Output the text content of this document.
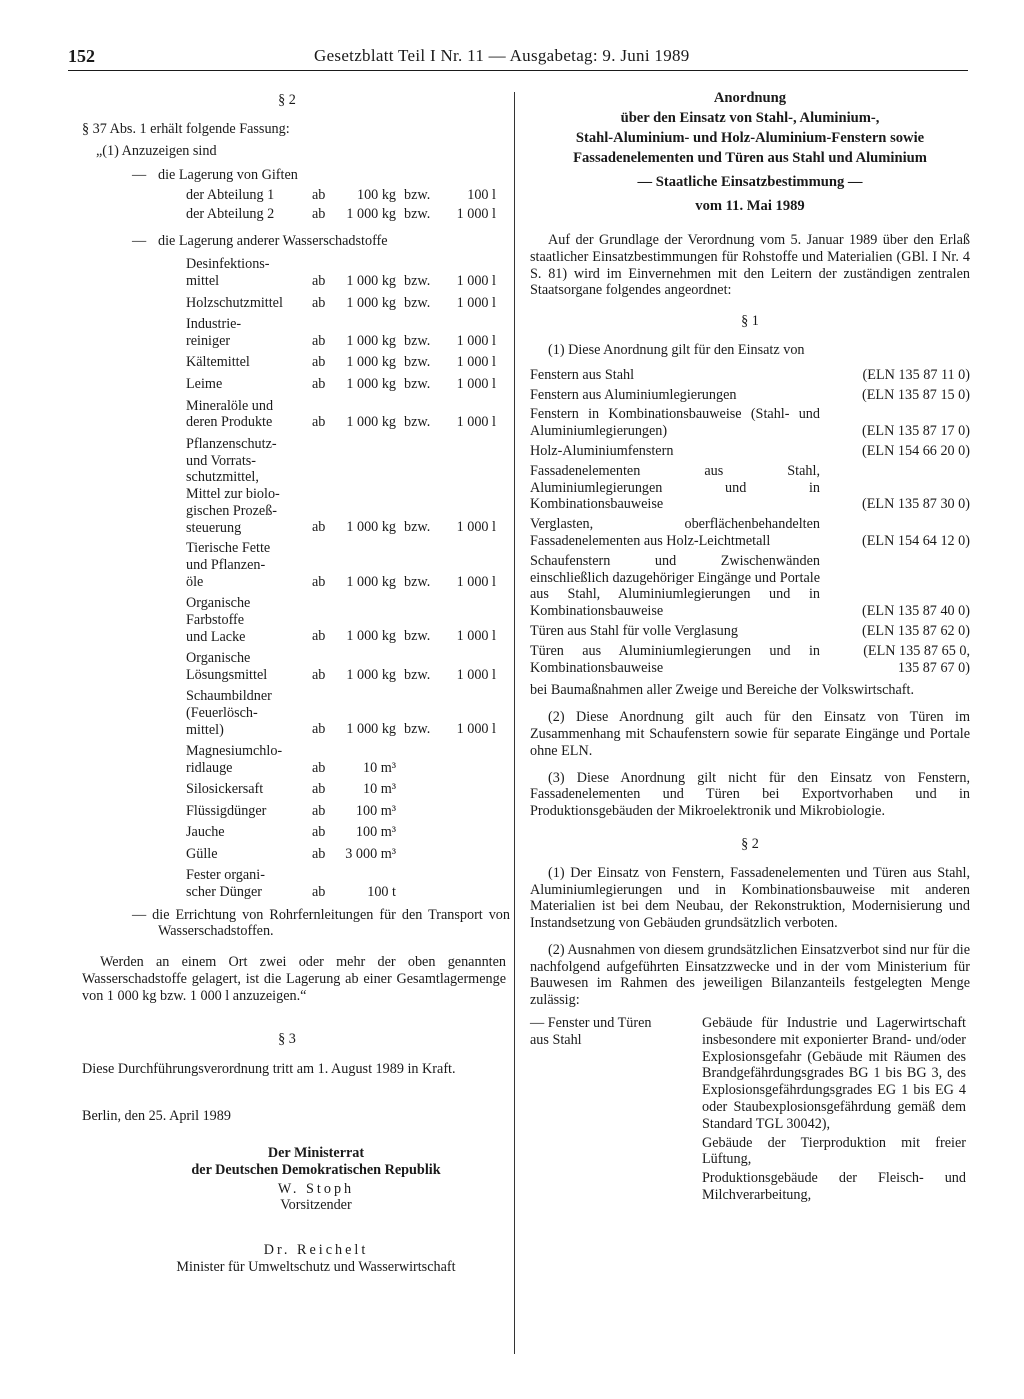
152	Gesetzblatt Teil I Nr. 11 — Ausgabetag: 9. Juni 1989
§ 2
§ 37 Abs. 1 erhält folgende Fassung:
„(1) Anzuzeigen sind
— die Lagerung von Giften
der Abteilung 1	ab	100 kg bzw.	100 l
der Abteilung 2	ab	1 000 kg bzw.	1 000 l
— die Lagerung anderer Wasserschadstoffe
Desinfektions-
mittel	ab	1 000 kg bzw.	1 000 l
Holzschutzmittel	ab	1 000 kg bzw.	1 000 l
Industrie-
reiniger	ab	1 000 kg bzw.	1 000 l
Kältemittel	ab	1 000 kg bzw.	1 000 l
Leime	ab	1 000 kg bzw.	1 000 l
Mineralöle und
deren Produkte	ab	1 000 kg bzw.	1 000 l
Pflanzenschutz-
und Vorrats-
schutzmittel,
Mittel zur biolo-
gischen Prozeß-
steuerung	ab	1 000 kg bzw.	1 000 l
Tierische Fette
und Pflanzen-
öle	ab	1 000 kg bzw.	1 000 l
Organische
Farbstoffe
und Lacke	ab	1 000 kg bzw.	1 000 l
Organische
Lösungsmittel	ab	1 000 kg bzw.	1 000 l
Schaumbildner
(Feuerlösch-
mittel)	ab	1 000 kg bzw.	1 000 l
Magnesiumchlo-
ridlauge	ab	10 m³
Silosickersaft	ab	10 m³
Flüssigdünger	ab	100 m³
Jauche	ab	100 m³
Gülle	ab	3 000 m³
Fester organi-
scher Dünger	ab	100 t
— die Errichtung von Rohrfernleitungen für den Transport von Wasserschadstoffen.
Werden an einem Ort zwei oder mehr der oben genannten Wasserschadstoffe gelagert, ist die Lagerung ab einer Gesamtlagermenge von 1 000 kg bzw. 1 000 l anzuzeigen.“
§ 3
Diese Durchführungsverordnung tritt am 1. August 1989 in Kraft.
Berlin, den 25. April 1989
Der Ministerrat
der Deutschen Demokratischen Republik
W. Stoph
Vorsitzender
Dr. Reichelt
Minister für Umweltschutz und Wasserwirtschaft
Anordnung
über den Einsatz von Stahl-, Aluminium-,
Stahl-Aluminium- und Holz-Aluminium-Fenstern sowie
Fassadenelementen und Türen aus Stahl und Aluminium
— Staatliche Einsatzbestimmung —
vom 11. Mai 1989
Auf der Grundlage der Verordnung vom 5. Januar 1989 über den Erlaß staatlicher Einsatzbestimmungen für Rohstoffe und Materialien (GBl. I Nr. 4 S. 81) wird im Einvernehmen mit den Leitern der zuständigen zentralen Staatsorgane folgendes angeordnet:
§ 1
(1) Diese Anordnung gilt für den Einsatz von
Fenstern aus Stahl	(ELN 135 87 11 0)
Fenstern aus Aluminiumlegierungen	(ELN 135 87 15 0)
Fenstern in Kombinationsbauweise (Stahl- und Aluminiumlegierungen)	(ELN 135 87 17 0)
Holz-Aluminiumfenstern	(ELN 154 66 20 0)
Fassadenelementen aus Stahl, Aluminiumlegierungen und in Kombinationsbauweise	(ELN 135 87 30 0)
Verglasten, oberflächenbehandelten Fassadenelementen aus Holz-Leichtmetall	(ELN 154 64 12 0)
Schaufenstern und Zwischenwänden einschließlich dazugehöriger Eingänge und Portale aus Stahl, Aluminiumlegierungen und in Kombinationsbauweise	(ELN 135 87 40 0)
Türen aus Stahl für volle Verglasung	(ELN 135 87 62 0)
Türen aus Aluminiumlegierungen und in Kombinationsbauweise
(ELN 135 87 65 0,
135 87 67 0)
bei Baumaßnahmen aller Zweige und Bereiche der Volkswirtschaft.
(2) Diese Anordnung gilt auch für den Einsatz von Türen im Zusammenhang mit Schaufenstern sowie für separate Eingänge und Portale ohne ELN.
(3) Diese Anordnung gilt nicht für den Einsatz von Fenstern, Fassadenelementen und Türen bei Exportvorhaben und in Produktionsgebäuden der Mikroelektronik und Mikrobiologie.
§ 2
(1) Der Einsatz von Fenstern, Fassadenelementen und Türen aus Stahl, Aluminiumlegierungen und in Kombinationsbauweise mit anderen Materialien ist bei dem Neubau, der Rekonstruktion, Modernisierung und Instandsetzung von Gebäuden grundsätzlich verboten.
(2) Ausnahmen von diesem grundsätzlichen Einsatzverbot sind nur für die nachfolgend aufgeführten Einsatzzwecke und in der vom Ministerium für Bauwesen im Rahmen des jeweiligen Bilanzanteils festgelegten Menge zulässig:
— Fenster und Türen
aus Stahl
Gebäude für Industrie und Lagerwirtschaft insbesondere mit exponierter Brand- und/oder Explosionsgefahr (Gebäude mit Räumen des Brandgefährdungsgrades BG 1 bis BG 3, des Explosionsgefährdungsgrades EG 1 bis EG 4 oder Staubexplosionsgefährdung gemäß dem Standard TGL 30042),
Gebäude der Tierproduktion mit freier Lüftung,
Produktionsgebäude der Fleisch- und Milchverarbeitung,
